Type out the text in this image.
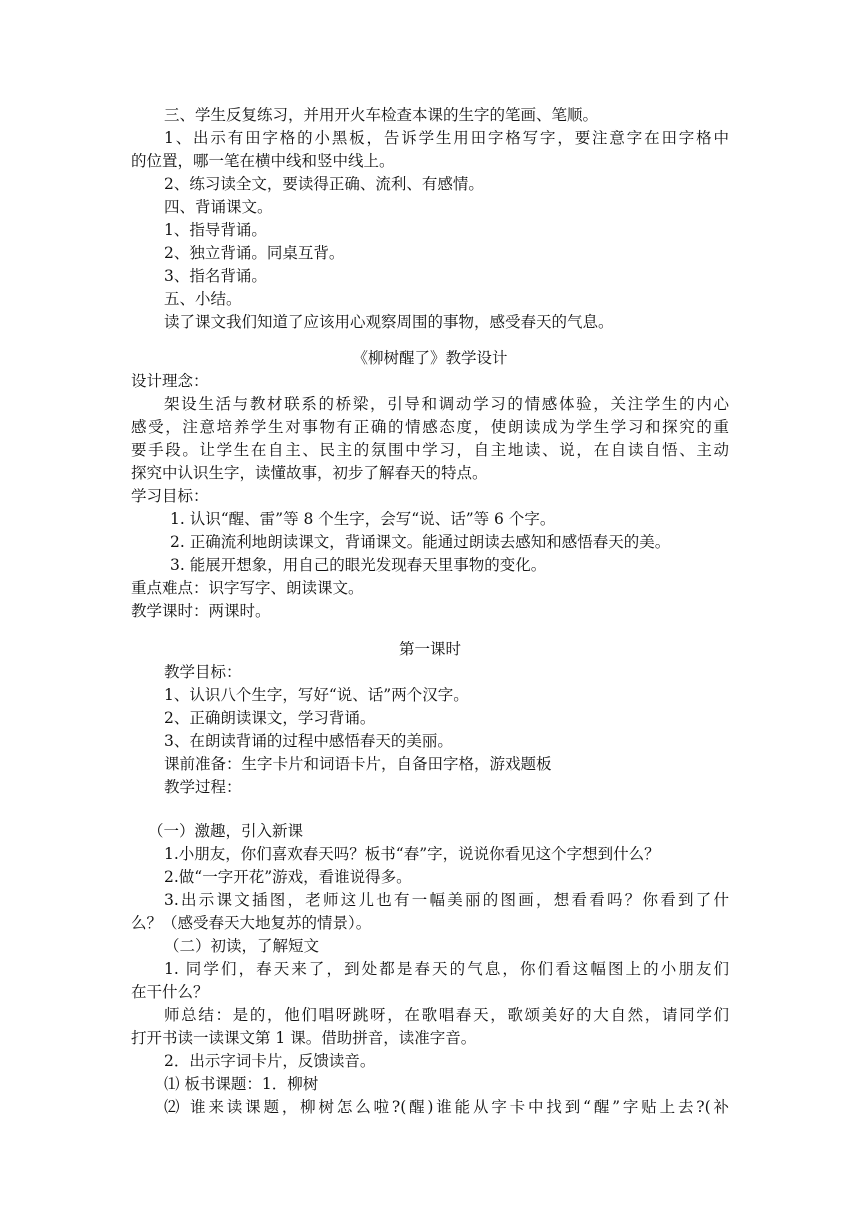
三、学生反复练习，并用开火车检查本课的生字的笔画、笔顺。
1、出示有田字格的小黑板，告诉学生用田字格写字，要注意字在田字格中
的位置，哪一笔在横中线和竖中线上。
2、练习读全文，要读得正确、流利、有感情。
四、背诵课文。
1、指导背诵。
2、独立背诵。同桌互背。
3、指名背诵。
五、小结。
读了课文我们知道了应该用心观察周围的事物，感受春天的气息。
《柳树醒了》教学设计
设计理念：
架设生活与教材联系的桥梁，引导和调动学习的情感体验，关注学生的内心
感受，注意培养学生对事物有正确的情感态度，使朗读成为学生学习和探究的重
要手段。让学生在自主、民主的氛围中学习，自主地读、说，在自读自悟、主动
探究中认识生字，读懂故事，初步了解春天的特点。
学习目标：
1. 认识“醒、雷”等 8 个生字，会写“说、话”等 6 个字。
2. 正确流利地朗读课文，背诵课文。能通过朗读去感知和感悟春天的美。
3. 能展开想象，用自己的眼光发现春天里事物的变化。
重点难点：识字写字、朗读课文。
教学课时：两课时。
第一课时
教学目标：
1、认识八个生字，写好“说、话”两个汉字。
2、正确朗读课文，学习背诵。
3、在朗读背诵的过程中感悟春天的美丽。
课前准备：生字卡片和词语卡片，自备田字格，游戏题板
教学过程：
（一）激趣，引入新课
1.小朋友，你们喜欢春天吗？板书“春”字，说说你看见这个字想到什么？
2.做“一字开花”游戏，看谁说得多。
3.出示课文插图，老师这儿也有一幅美丽的图画，想看看吗？你看到了什
么？（感受春天大地复苏的情景）。
（二）初读，了解短文
1. 同学们，春天来了，到处都是春天的气息，你们看这幅图上的小朋友们
在干什么？
师总结：是的，他们唱呀跳呀，在歌唱春天，歌颂美好的大自然，请同学们
打开书读一读课文第 1 课。借助拼音，读准字音。
2．出示字词卡片，反馈读音。
⑴ 板书课题：1．柳树
⑵ 谁来读课题，柳树怎么啦?(醒)谁能从字卡中找到“醒”字贴上去?(补
